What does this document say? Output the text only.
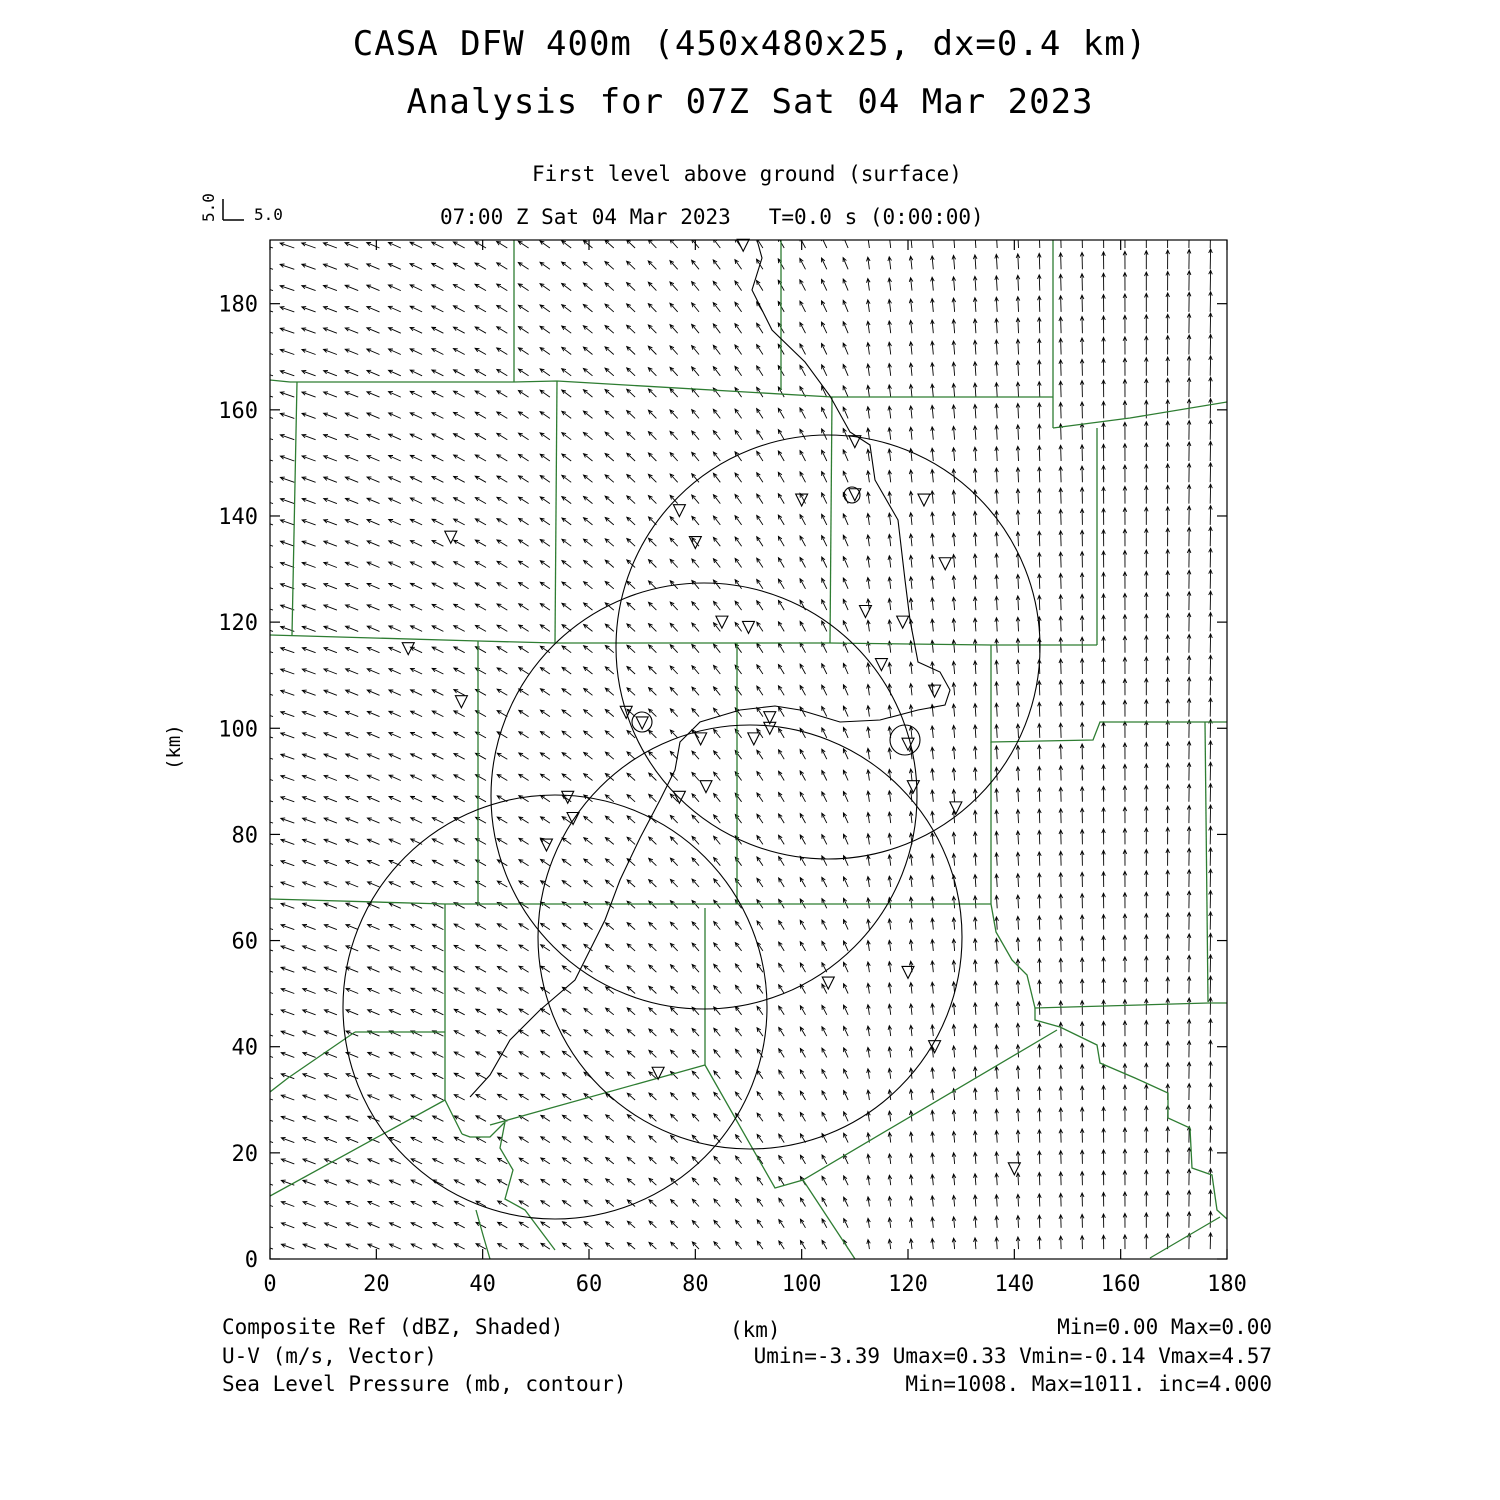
CASA DFW 400m (450x480x25, dx=0.4 km)
Analysis for 07Z Sat 04 Mar 2023
First level above ground (surface)
07:00 Z Sat 04 Mar 2023   T=0.0 s (0:00:00)
5.0 5.0
0	20	40	60	80	100	120	140	160	180
0
20
40
60
80
100
120
140
160
180
(km)
Composite Ref (dBZ, Shaded)	(km)	Min=0.00 Max=0.00
U-V (m/s, Vector)	Umin=-3.39 Umax=0.33 Vmin=-0.14 Vmax=4.57
Sea Level Pressure (mb, contour)	Min=1008. Max=1011. inc=4.000
